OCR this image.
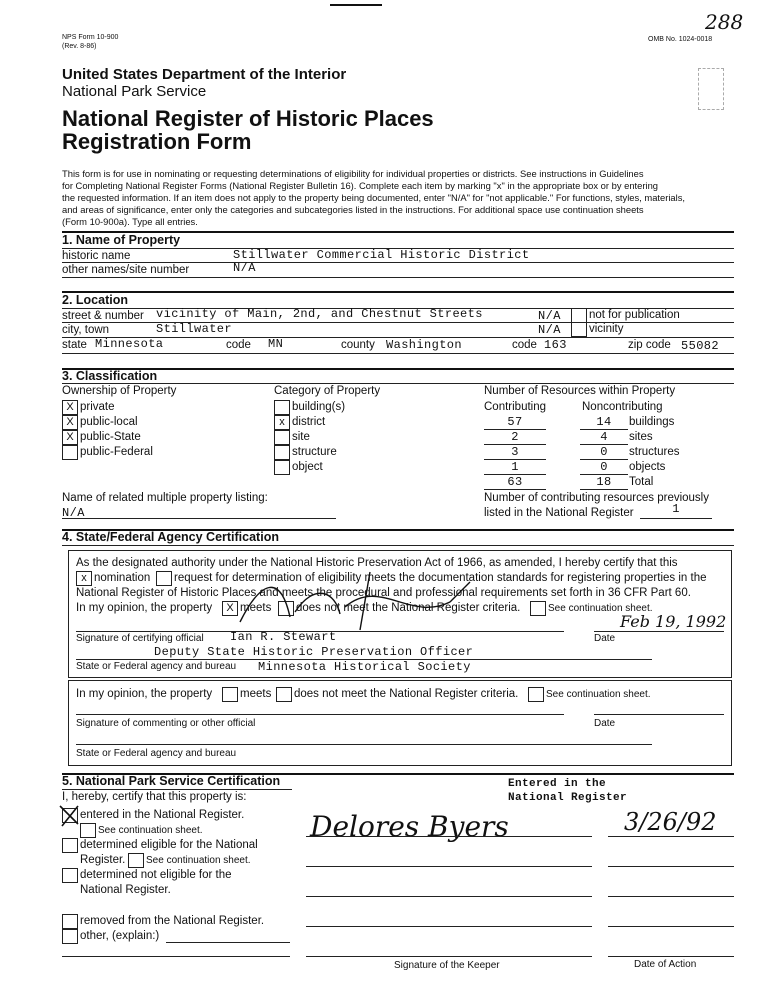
NPS Form 10-900
(Rev. 8-86)
OMB No. 1024-0018
288
United States Department of the Interior
National Park Service
National Register of Historic Places
Registration Form
This form is for use in nominating or requesting determinations of eligibility for individual properties or districts. See instructions in Guidelines
for Completing National Register Forms (National Register Bulletin 16). Complete each item by marking "x" in the appropriate box or by entering
the requested information. If an item does not apply to the property being documented, enter "N/A" for "not applicable." For functions, styles, materials,
and areas of significance, enter only the categories and subcategories listed in the instructions. For additional space use continuation sheets
(Form 10-900a). Type all entries.
1. Name of Property
historic name	Stillwater Commercial Historic District
other names/site number	N/A
2. Location
street & number vicinity of Main, 2nd, and Chestnut Streets	N/A not for publication
city, town	Stillwater	N/A vicinity
state Minnesota	code MN	county Washington	code 163	zip code 55082
3. Classification
Ownership of Property
X private
X public-local
X public-State
public-Federal
Category of Property
building(s)
x district
site
structure
object
Number of Resources within Property
Contributing	Noncontributing
57	14	buildings
2	4	sites
3	0	structures
1	0	objects
63	18	Total
Name of related multiple property listing:
N/A
Number of contributing resources previously
listed in the National Register	1
4. State/Federal Agency Certification
As the designated authority under the National Historic Preservation Act of 1966, as amended, I hereby certify that this
x nomination request for determination of eligibility meets the documentation standards for registering properties in the
National Register of Historic Places and meets the procedural and professional requirements set forth in 36 CFR Part 60.
In my opinion, the property	X meets does not meet the National Register criteria.	See continuation sheet.
Ian R. Stewart
Signature of certifying official
Feb 19, 1992
Date
Deputy State Historic Preservation Officer
State or Federal agency and bureau Minnesota Historical Society
In my opinion, the property meets does not meet the National Register criteria.	See continuation sheet.
Signature of commenting or other official	Date
State or Federal agency and bureau
5. National Park Service Certification
I, hereby, certify that this property is:
entered in the National Register.
See continuation sheet.
determined eligible for the National
Register. See continuation sheet.
determined not eligible for the
National Register.
removed from the National Register.
other, (explain:)
Entered in the
National Register
Delores Byers	3/26/92
Signature of the Keeper	Date of Action
